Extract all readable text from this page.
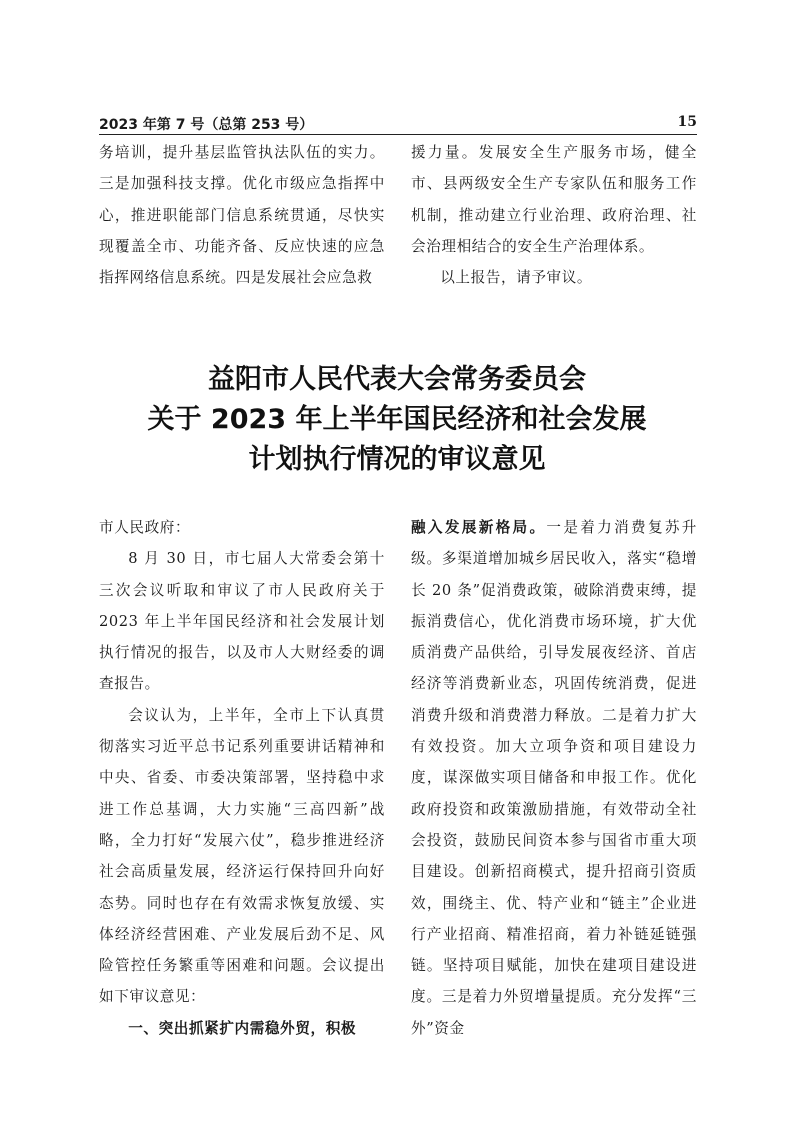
2023 年第 7 号（总第 253 号）	15

务培训，提升基层监管执法队伍的实力。三是加强科技支撑。优化市级应急指挥中心，推进职能部门信息系统贯通，尽快实现覆盖全市、功能齐备、反应快速的应急指挥网络信息系统。四是发展社会应急救

援力量。发展安全生产服务市场，健全市、县两级安全生产专家队伍和服务工作机制，推动建立行业治理、政府治理、社会治理相结合的安全生产治理体系。

以上报告，请予审议。

益阳市人民代表大会常务委员会
关于 2023 年上半年国民经济和社会发展
计划执行情况的审议意见

市人民政府：

8 月 30 日，市七届人大常委会第十三次会议听取和审议了市人民政府关于 2023 年上半年国民经济和社会发展计划执行情况的报告，以及市人大财经委的调查报告。

会议认为，上半年，全市上下认真贯彻落实习近平总书记系列重要讲话精神和中央、省委、市委决策部署，坚持稳中求进工作总基调，大力实施“三高四新”战略，全力打好“发展六仗”，稳步推进经济社会高质量发展，经济运行保持回升向好态势。同时也存在有效需求恢复放缓、实体经济经营困难、产业发展后劲不足、风险管控任务繁重等困难和问题。会议提出如下审议意见：

一、突出抓紧扩内需稳外贸，积极

融入发展新格局。一是着力消费复苏升级。多渠道增加城乡居民收入，落实“稳增长 20 条”促消费政策，破除消费束缚，提振消费信心，优化消费市场环境，扩大优质消费产品供给，引导发展夜经济、首店经济等消费新业态，巩固传统消费，促进消费升级和消费潜力释放。二是着力扩大有效投资。加大立项争资和项目建设力度，谋深做实项目储备和申报工作。优化政府投资和政策激励措施，有效带动全社会投资，鼓励民间资本参与国省市重大项目建设。创新招商模式，提升招商引资质效，围绕主、优、特产业和“链主”企业进行产业招商、精准招商，着力补链延链强链。坚持项目赋能，加快在建项目建设进度。三是着力外贸增量提质。充分发挥“三外”资金
